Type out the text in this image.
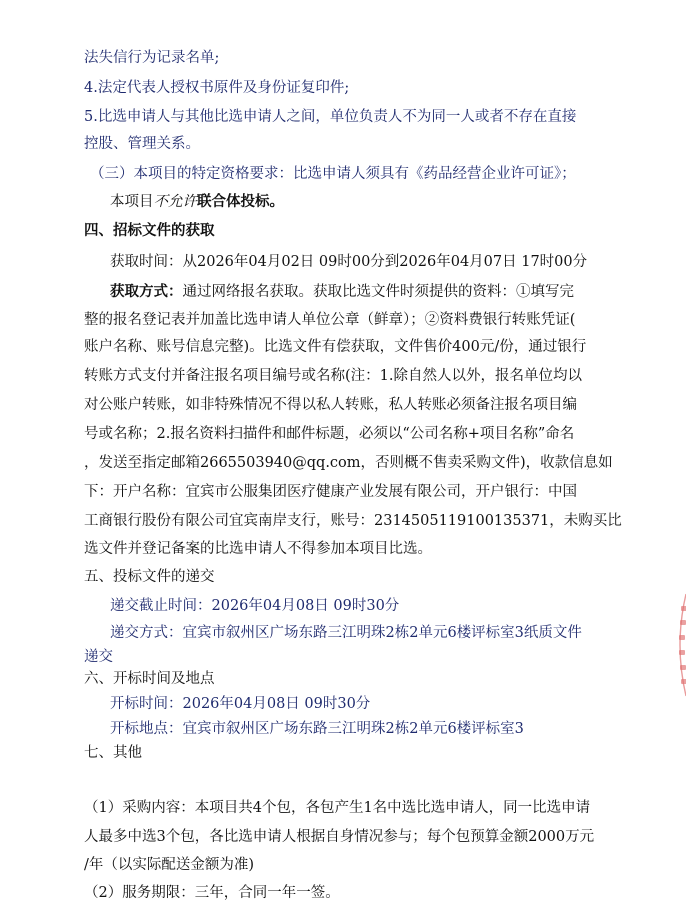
法失信行为记录名单;
4.法定代表人授权书原件及身份证复印件;
5.比选申请人与其他比选申请人之间，单位负责人不为同一人或者不存在直接
控股、管理关系。
（三）本项目的特定资格要求：比选申请人须具有《药品经营企业许可证》；
本项目不允许联合体投标。
四、招标文件的获取
获取时间：从2026年04月02日 09时00分到2026年04月07日 17时00分
获取方式：通过网络报名获取。获取比选文件时须提供的资料：①填写完
整的报名登记表并加盖比选申请人单位公章（鲜章）；②资料费银行转账凭证(
账户名称、账号信息完整)。比选文件有偿获取，文件售价400元/份，通过银行
转账方式支付并备注报名项目编号或名称(注：1.除自然人以外，报名单位均以
对公账户转账，如非特殊情况不得以私人转账，私人转账必须备注报名项目编
号或名称；2.报名资料扫描件和邮件标题，必须以“公司名称+项目名称”命名
，发送至指定邮箱2665503940@qq.com，否则概不售卖采购文件)，收款信息如
下：开户名称：宜宾市公服集团医疗健康产业发展有限公司，开户银行：中国
工商银行股份有限公司宜宾南岸支行，账号：2314505119100135371，未购买比
选文件并登记备案的比选申请人不得参加本项目比选。
五、投标文件的递交
递交截止时间：2026年04月08日 09时30分
递交方式：宜宾市叙州区广场东路三江明珠2栋2单元6楼评标室3纸质文件
递交
六、开标时间及地点
开标时间：2026年04月08日 09时30分
开标地点：宜宾市叙州区广场东路三江明珠2栋2单元6楼评标室3
七、其他
（1）采购内容：本项目共4个包，各包产生1名中选比选申请人，同一比选申请
人最多中选3个包，各比选申请人根据自身情况参与；每个包预算金额2000万元
/年（以实际配送金额为准)
（2）服务期限：三年，合同一年一签。
